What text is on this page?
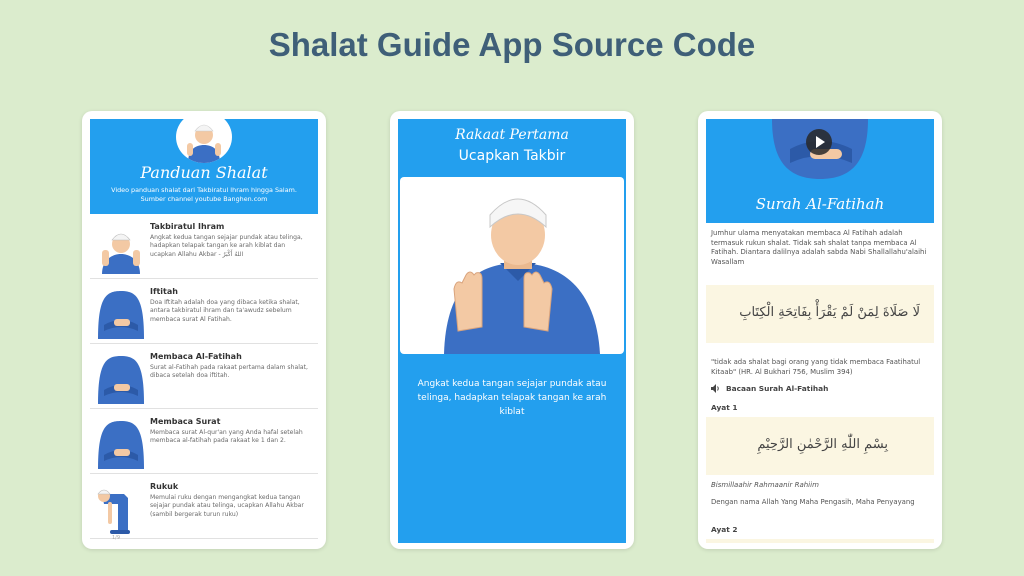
Shalat Guide App Source Code
Panduan Shalat
Video panduan shalat dari Takbiratul Ihram hingga Salam.
Sumber channel youtube Banghen.com
Takbiratul Ihram
Angkat kedua tangan sejajar pundak atau telinga, hadapkan telapak tangan ke arah kiblat dan ucapkan Allahu Akbar - اللهُ أَكْبَرُ
Iftitah
Doa Iftitah adalah doa yang dibaca ketika shalat, antara takbiratul ihram dan ta'awudz sebelum membaca surat Al Fatihah.
Membaca Al-Fatihah
Surat al-Fatihah pada rakaat pertama dalam shalat, dibaca setelah doa iftitah.
Membaca Surat
Membaca surat Al-qur'an yang Anda hafal setelah membaca al-fatihah pada rakaat ke 1 dan 2.
Rukuk
Memulai ruku dengan mengangkat kedua tangan sejajar pundak atau telinga, ucapkan Allahu Akbar (sambil bergerak turun ruku)
1/9
Rakaat Pertama
Ucapkan Takbir
Angkat kedua tangan sejajar pundak atau telinga, hadapkan telapak tangan ke arah kiblat
Surah Al-Fatihah
Jumhur ulama menyatakan membaca Al Fatihah adalah termasuk rukun shalat. Tidak sah shalat tanpa membaca Al Fatihah. Diantara dalilnya adalah sabda Nabi Shallallahu'alaihi Wasallam
لَا صَلَاةَ لِمَنْ لَمْ يَقْرَأْ بِفَاتِحَةِ الْكِتَابِ
"tidak ada shalat bagi orang yang tidak membaca Faatihatul Kitaab" (HR. Al Bukhari 756, Muslim 394)
Bacaan Surah Al-Fatihah
Ayat 1
بِسْمِ اللّٰهِ الرَّحْمٰنِ الرَّحِيْمِ
Bismillaahir Rahmaanir Rahiim
Dengan nama Allah Yang Maha Pengasih, Maha Penyayang
Ayat 2
